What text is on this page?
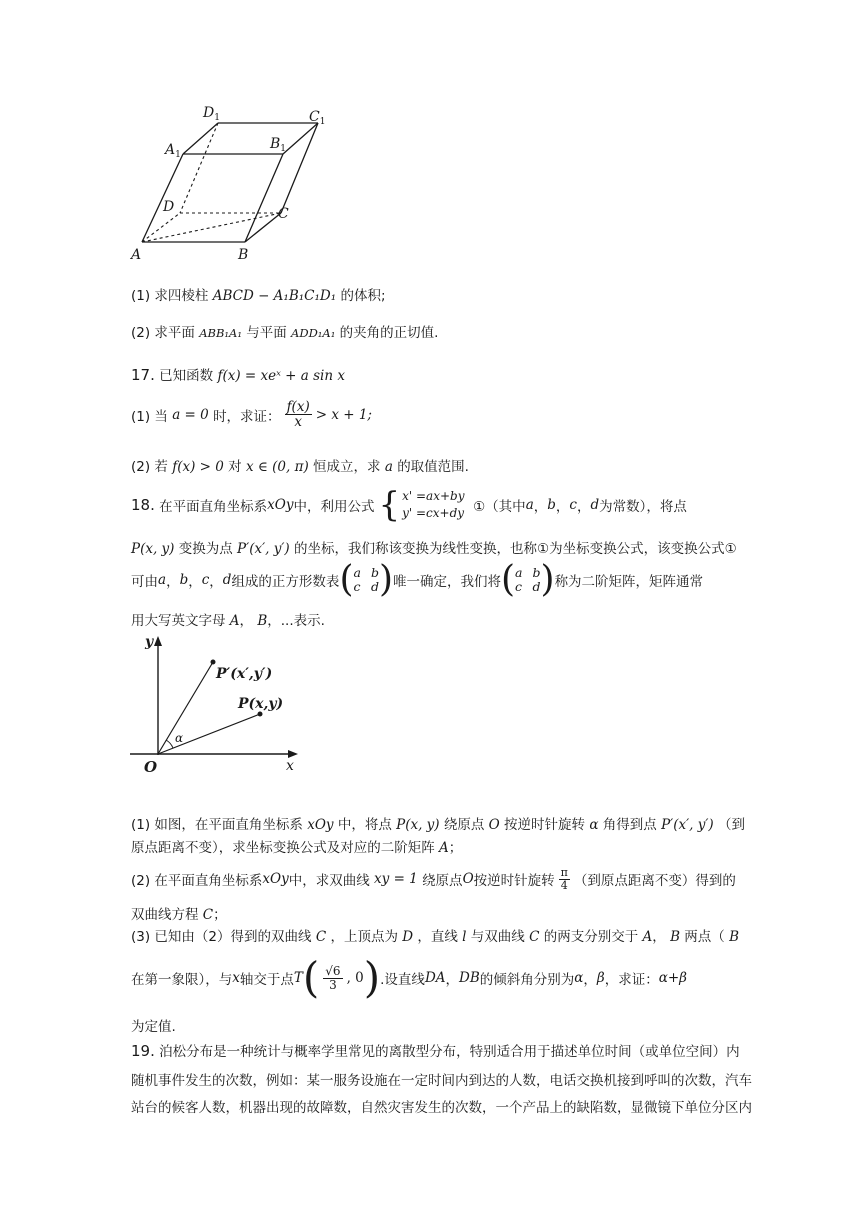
$D_1$	$C_1$
$A_1$
$B_1$
D	C
A	B
(1) 求四棱柱 ABCD − A₁B₁C₁D₁ 的体积;
(2) 求平面 ABB₁A₁ 与平面 ADD₁A₁ 的夹角的正切值.
17. 已知函数 f(x) = xeˣ + a sin x
(1) 当
a = 0
时，求证： $\frac{f(x)}{x} > x + 1$;
(2) 若 f(x) > 0 对 x ∈ (0, π) 恒成立，求 a 的取值范围.
18.
在平面直角坐标系 xOy 中，利用公式 { x' =ax+by
y' =cx+dy
①（其中 a ， b ， c ， d 为常数），将点
P(x, y) 变换为点 P′(x′, y′) 的坐标，我们称该变换为线性变换，也称①为坐标变换公式，该变换公式①
可由 a ， b ， c ， d 组成的正方形数表 ( a b
c d ) 唯一确定，我们将 ( a b
c d ) 称为二阶矩阵，矩阵通常
用大写英文字母 A， B，...表示.
y
x
O
P′(x′,y′)
P(x,y)
α
(1) 如图，在平面直角坐标系 xOy 中，将点 P(x, y) 绕原点 O 按逆时针旋转 α 角得到点 P′(x′, y′) （到
原点距离不变），求坐标变换公式及对应的二阶矩阵 A；
(2) 在平面直角坐标系 xOy 中，求双曲线
xy = 1
绕原点 O 按逆时针旋转 $\frac{\pi}{4}$ （到原点距离不变）得到的
双曲线方程 C；
(3) 已知由（2）得到的双曲线 C ，上顶点为 D ，直线 l 与双曲线 C 的两支分别交于 A， B 两点（ B
在第一象限），与 x 轴交于点 T ( $\frac{√6}{3}$ ,
0 ) .设直线 DA ， DB 的倾斜角分别为 α ， β ，求证： α+β
为定值.
19. 泊松分布是一种统计与概率学里常见的离散型分布，特别适合用于描述单位时间（或单位空间）内
随机事件发生的次数，例如：某一服务设施在一定时间内到达的人数，电话交换机接到呼叫的次数，汽车
站台的候客人数，机器出现的故障数，自然灾害发生的次数，一个产品上的缺陷数，显微镜下单位分区内
